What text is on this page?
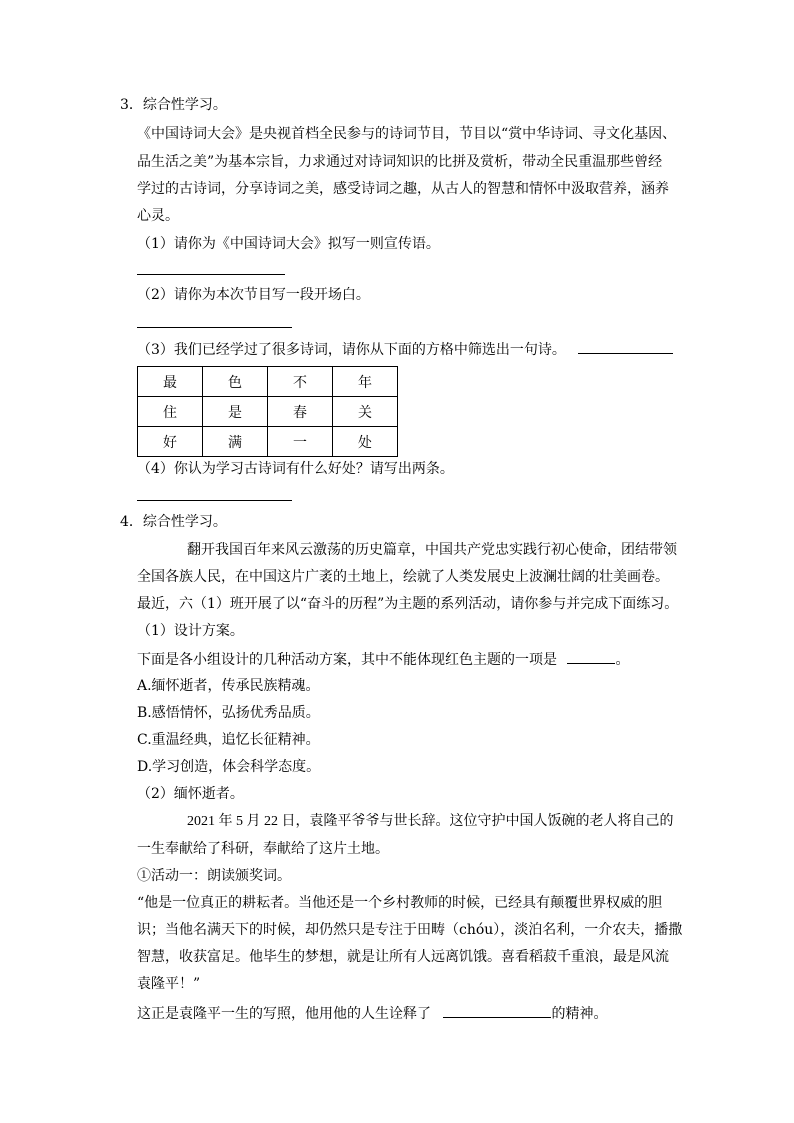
3．综合性学习。
《中国诗词大会》是央视首档全民参与的诗词节目，节目以“赏中华诗词、寻文化基因、
品生活之美”为基本宗旨，力求通过对诗词知识的比拼及赏析，带动全民重温那些曾经
学过的古诗词，分享诗词之美，感受诗词之趣，从古人的智慧和情怀中汲取营养，涵养
心灵。
（1）请你为《中国诗词大会》拟写一则宣传语。
（2）请你为本次节目写一段开场白。
（3）我们已经学过了很多诗词，请你从下面的方格中筛选出一句诗。
最	色	不	年
住	是	春	关
好	满	一	处
（4）你认为学习古诗词有什么好处？请写出两条。
4．综合性学习。
翻开我国百年来风云激荡的历史篇章，中国共产党忠实践行初心使命，团结带领
全国各族人民，在中国这片广袤的土地上，绘就了人类发展史上波澜壮阔的壮美画卷。
最近，六（1）班开展了以“奋斗的历程”为主题的系列活动，请你参与并完成下面练习。
（1）设计方案。
下面是各小组设计的几种活动方案，其中不能体现红色主题的一项是	。
A.缅怀逝者，传承民族精魂。
B.感悟情怀，弘扬优秀品质。
C.重温经典，追忆长征精神。
D.学习创造，体会科学态度。
（2）缅怀逝者。
2021 年 5 月 22 日，袁隆平爷爷与世长辞。这位守护中国人饭碗的老人将自己的
一生奉献给了科研，奉献给了这片土地。
①活动一：朗读颁奖词。
“他是一位真正的耕耘者。当他还是一个乡村教师的时候，已经具有颠覆世界权威的胆
识；当他名满天下的时候，却仍然只是专注于田畴（chóu），淡泊名利，一介农夫，播撒
智慧，收获富足。他毕生的梦想，就是让所有人远离饥饿。喜看稻菽千重浪，最是风流
袁隆平！”
这正是袁隆平一生的写照，他用他的人生诠释了	的精神。
